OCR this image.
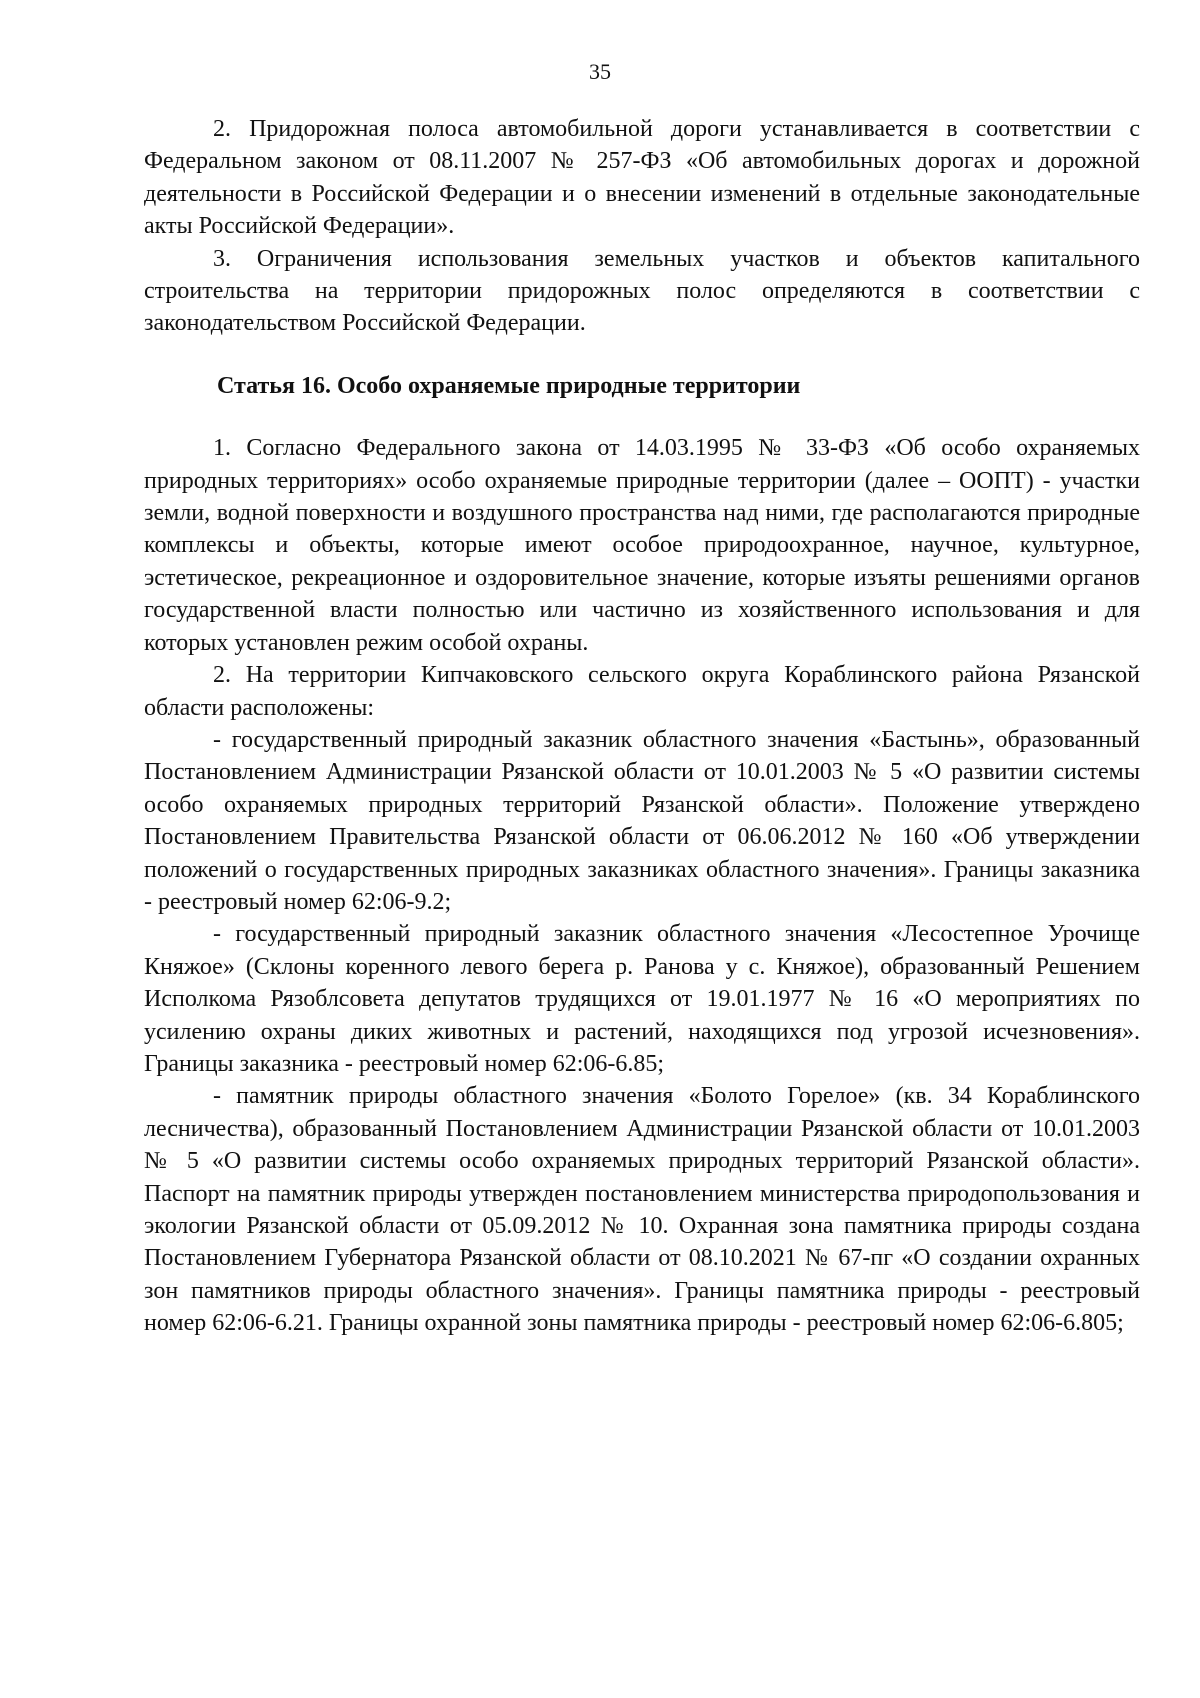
35

2. Придорожная полоса автомобильной дороги устанавливается в соответствии с Федеральном законом от 08.11.2007 № 257-ФЗ «Об автомобильных дорогах и дорожной деятельности в Российской Федерации и о внесении изменений в отдельные законодательные акты Российской Федерации».

3. Ограничения использования земельных участков и объектов капитального строительства на территории придорожных полос определяются в соответствии с законодательством Российской Федерации.

Статья 16. Особо охраняемые природные территории

1. Согласно Федерального закона от 14.03.1995 № 33-ФЗ «Об особо охраняемых природных территориях» особо охраняемые природные территории (далее – ООПТ) - участки земли, водной поверхности и воздушного пространства над ними, где располагаются природные комплексы и объекты, которые имеют особое природоохранное, научное, культурное, эстетическое, рекреационное и оздоровительное значение, которые изъяты решениями органов государственной власти полностью или частично из хозяйственного использования и для которых установлен режим особой охраны.

2. На территории Кипчаковского сельского округа Кораблинского района Рязанской области расположены:

- государственный природный заказник областного значения «Бастынь», образованный Постановлением Администрации Рязанской области от 10.01.2003 № 5 «О развитии системы особо охраняемых природных территорий Рязанской области». Положение утверждено Постановлением Правительства Рязанской области от 06.06.2012 № 160 «Об утверждении положений о государственных природных заказниках областного значения». Границы заказника - реестровый номер 62:06-9.2;

- государственный природный заказник областного значения «Лесостепное Урочище Княжое» (Склоны коренного левого берега р. Ранова у с. Княжое), образованный Решением Исполкома Рязоблсовета депутатов трудящихся от 19.01.1977 № 16 «О мероприятиях по усилению охраны диких животных и растений, находящихся под угрозой исчезновения». Границы заказника - реестровый номер 62:06-6.85;

- памятник природы областного значения «Болото Горелое» (кв. 34 Кораблинского лесничества), образованный Постановлением Администрации Рязанской области от 10.01.2003 № 5 «О развитии системы особо охраняемых природных территорий Рязанской области». Паспорт на памятник природы утвержден постановлением министерства природопользования и экологии Рязанской области от 05.09.2012 № 10. Охранная зона памятника природы создана Постановлением Губернатора Рязанской области от 08.10.2021 № 67-пг «О создании охранных зон памятников природы областного значения». Границы памятника природы - реестровый номер 62:06-6.21. Границы охранной зоны памятника природы - реестровый номер 62:06-6.805;
